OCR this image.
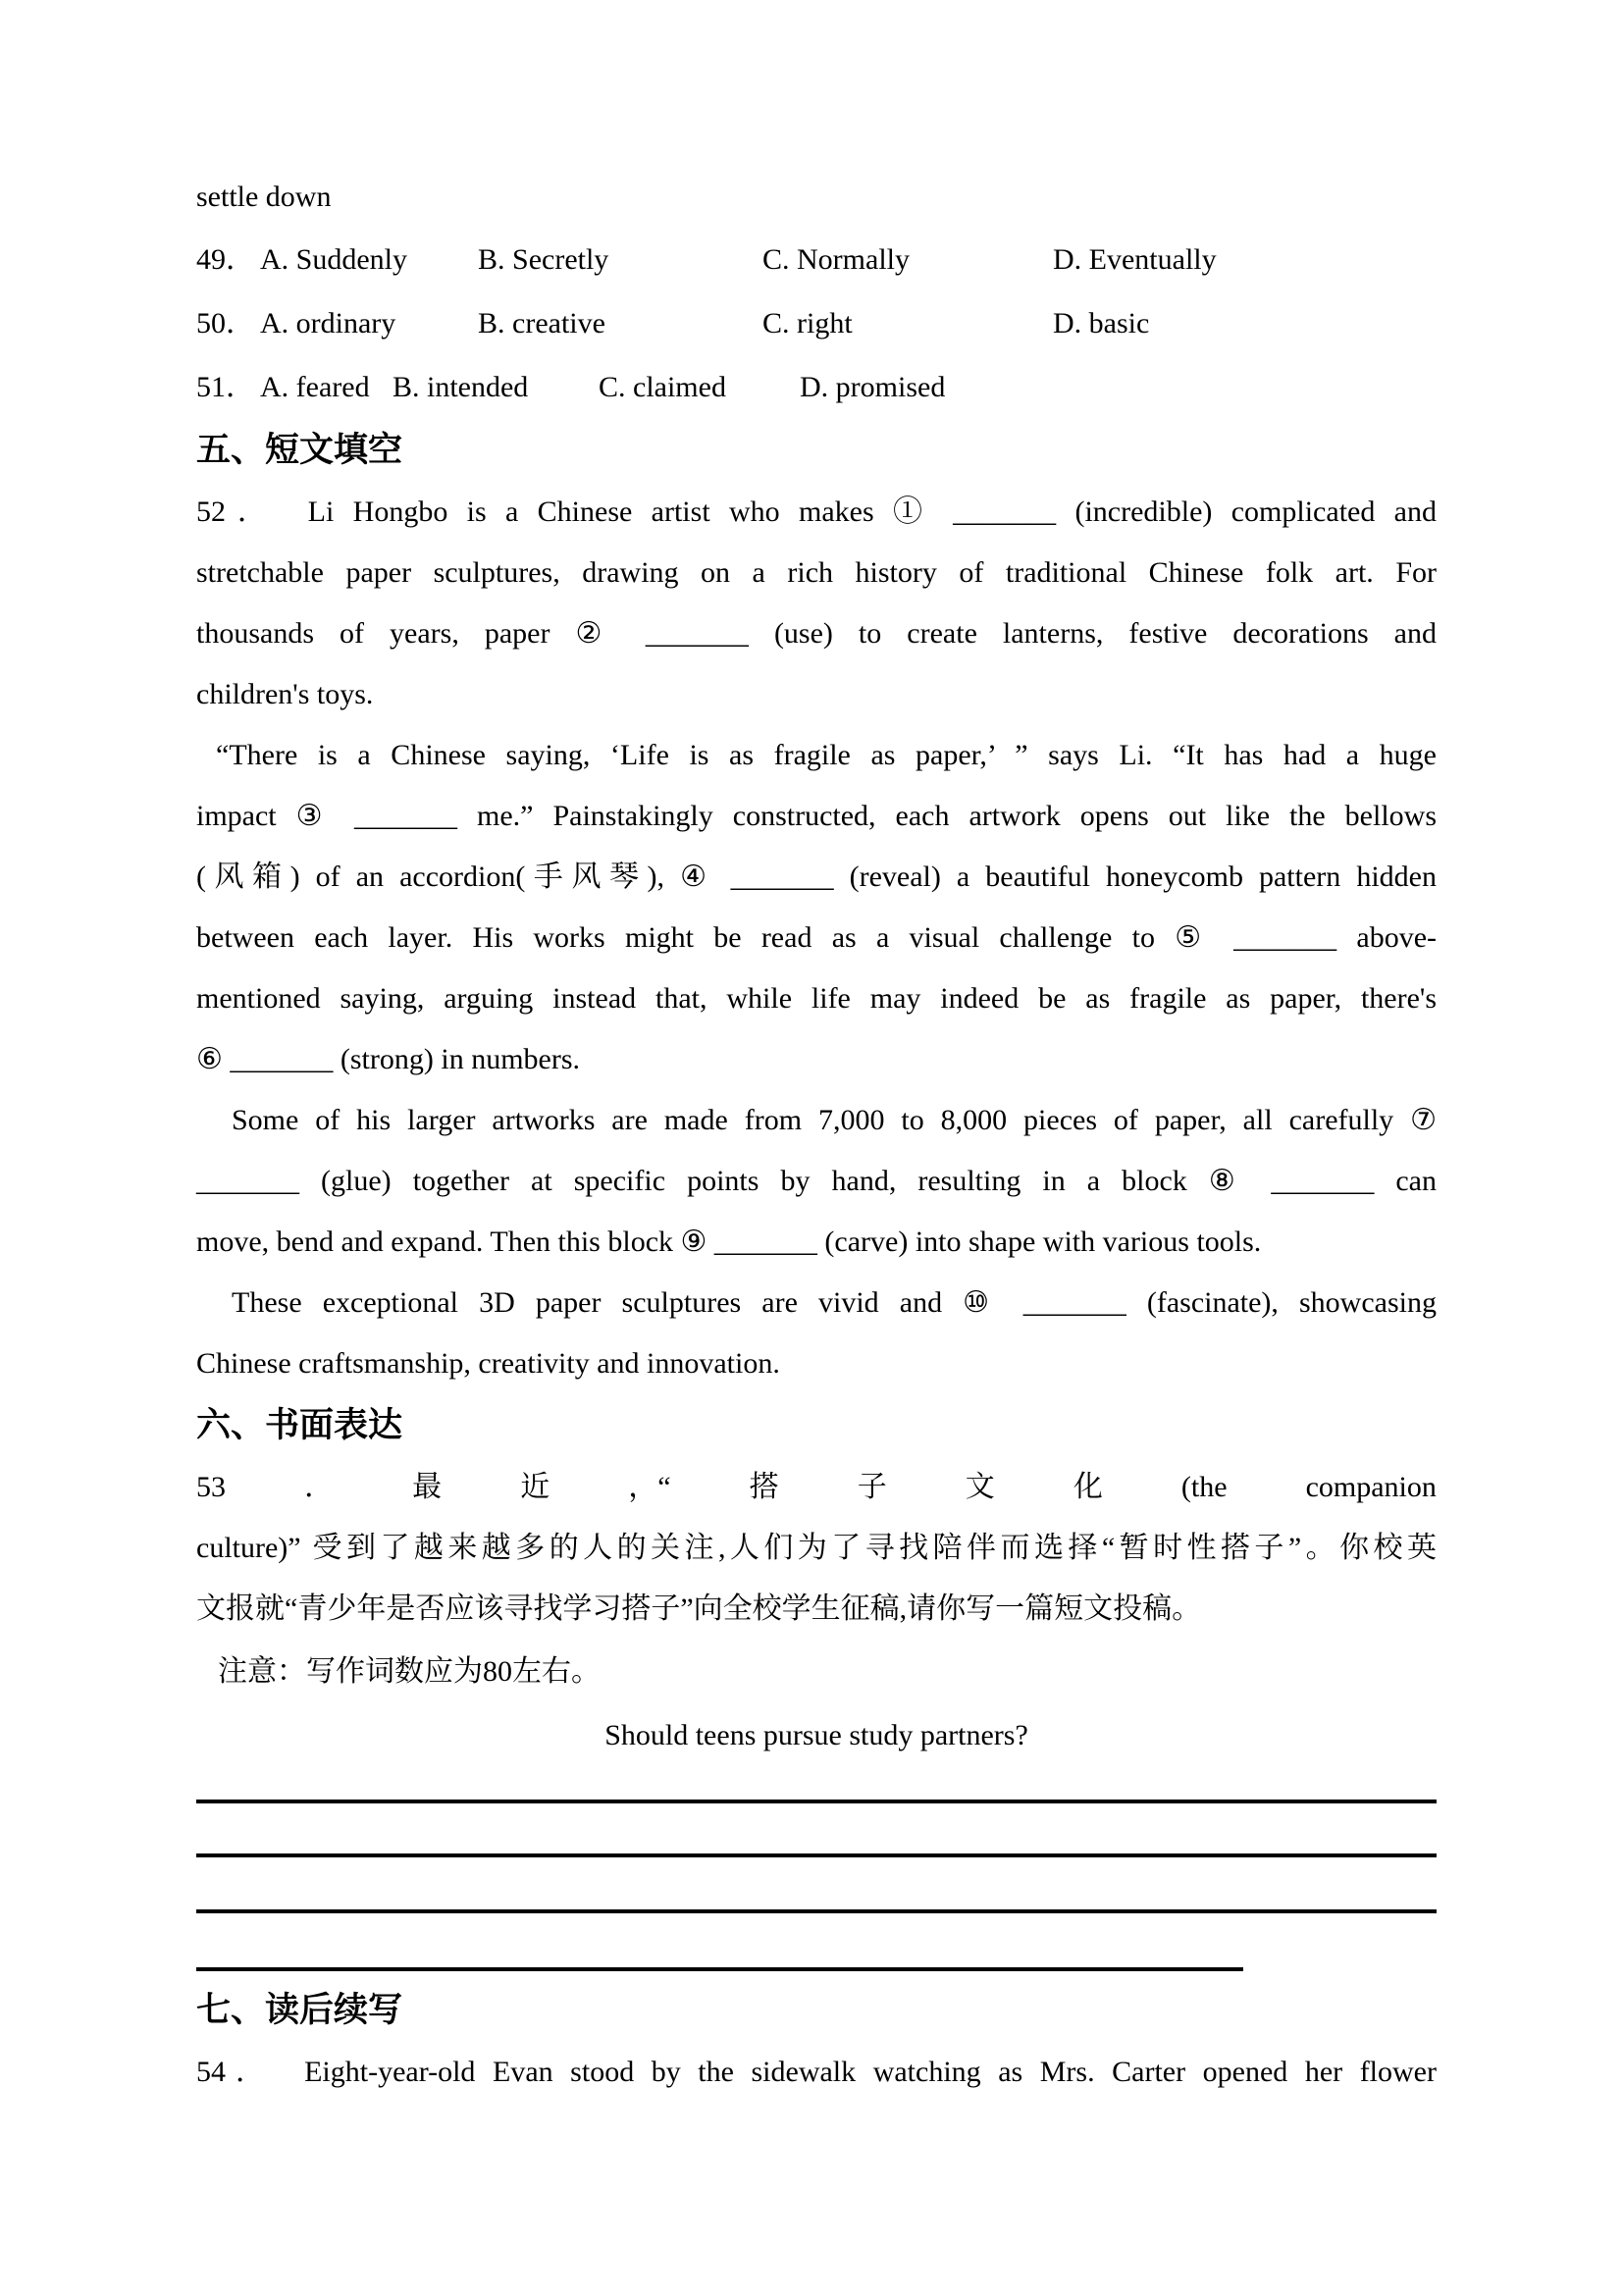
settle down
49． A. Suddenly	B. Secretly	C. Normally	D. Eventually
50． A. ordinary	B. creative	C. right	D. basic
51． A. feared B. intended	C. claimed	D. promised
五、短文填空
52． Li Hongbo is a Chinese artist who makes ① _______ (incredible) complicated and
stretchable paper sculptures, drawing on a rich history of traditional Chinese folk art. For
thousands of years, paper ② _______ (use) to create lanterns, festive decorations and
children's toys.
“There is a Chinese saying, ‘Life is as fragile as paper,’ ” says Li. “It has had a huge
impact ③ _______ me.” Painstakingly constructed, each artwork opens out like the bellows
(风箱) of an accordion(手风琴), ④ _______ (reveal) a beautiful honeycomb pattern hidden
between each layer. His works might be read as a visual challenge to ⑤ _______ above-
mentioned saying, arguing instead that, while life may indeed be as fragile as paper, there's
⑥ _______ (strong) in numbers.
Some of his larger artworks are made from 7,000 to 8,000 pieces of paper, all carefully ⑦
_______ (glue) together at specific points by hand, resulting in a block ⑧ _______ can
move, bend and expand. Then this block ⑨ _______ (carve) into shape with various tools.
These exceptional 3D paper sculptures are vivid and ⑩ _______ (fascinate), showcasing
Chinese craftsmanship, creativity and innovation.
六、书面表达
53	．	最	近	，“	搭	子	文	化	(the	companion
culture)” 受到了越来越多的人的关注,人们为了寻找陪伴而选择“暂时性搭子”。你校英
文报就“青少年是否应该寻找学习搭子”向全校学生征稿,请你写一篇短文投稿。
注意：写作词数应为80左右。
Should teens pursue study partners?
七、读后续写
54． Eight-year-old Evan stood by the sidewalk watching as Mrs. Carter opened her flower
